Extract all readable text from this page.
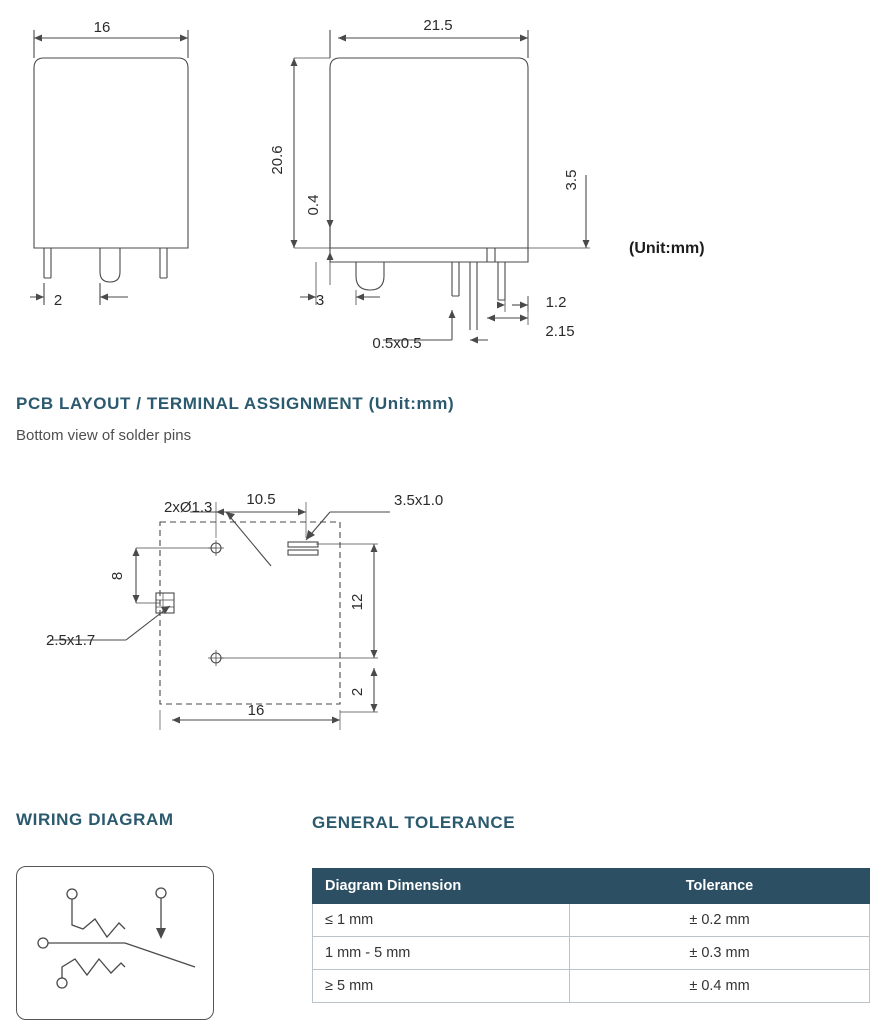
16
2
21.5
20.6
0.4
3.5
3	1.2
2.15
0.5x0.5
(Unit:mm)
PCB LAYOUT / TERMINAL ASSIGNMENT (Unit:mm)
Bottom view of solder pins
2xØ1.3 10.5	3.5x1.0
8
12
2.5x1.7
16
2
WIRING DIAGRAM	GENERAL TOLERANCE
Diagram Dimension	Tolerance
≤ 1 mm	± 0.2 mm
1 mm - 5 mm	± 0.3 mm
≥ 5 mm	± 0.4 mm
